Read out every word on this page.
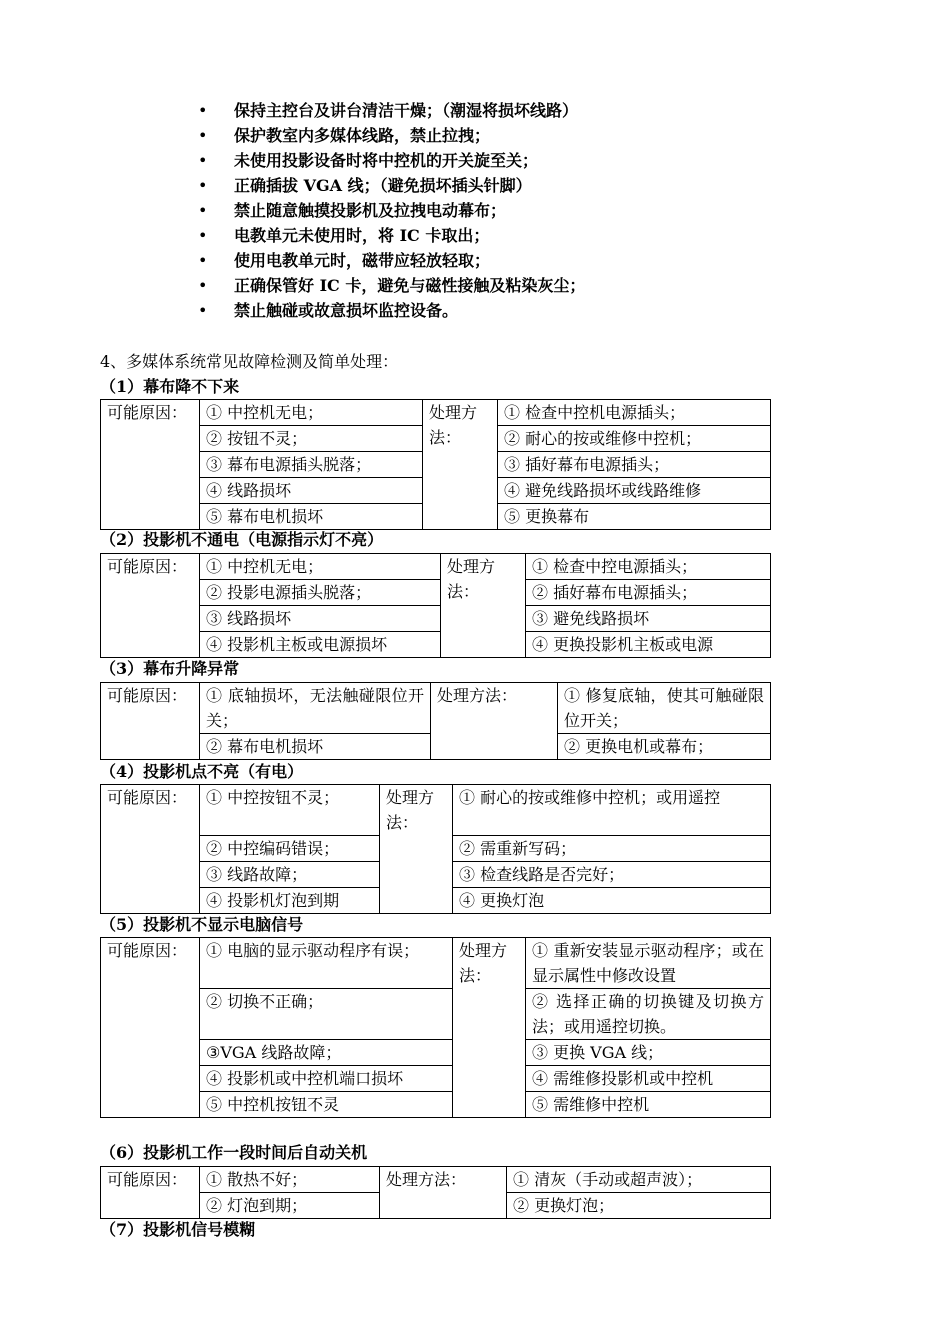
• 保持主控台及讲台清洁干燥；（潮湿将损坏线路）
• 保护教室内多媒体线路，禁止拉拽；
• 未使用投影设备时将中控机的开关旋至关；
• 正确插拔 VGA 线；（避免损坏插头针脚）
• 禁止随意触摸投影机及拉拽电动幕布；
• 电教单元未使用时，将 IC 卡取出；
• 使用电教单元时，磁带应轻放轻取；
• 正确保管好 IC 卡，避免与磁性接触及粘染灰尘；
• 禁止触碰或故意损坏监控设备。
4、多媒体系统常见故障检测及简单处理：
（1）幕布降不下来
可能原因：	① 中控机无电；	处理方法：	① 检查中控机电源插头；
	② 按钮不灵；		② 耐心的按或维修中控机；
	③ 幕布电源插头脱落；		③ 插好幕布电源插头；
	④ 线路损坏		④ 避免线路损坏或线路维修
	⑤ 幕布电机损坏		⑤ 更换幕布
（2）投影机不通电（电源指示灯不亮）
可能原因：	① 中控机无电；	处理方法：	① 检查中控电源插头；
	② 投影电源插头脱落；		② 插好幕布电源插头；
	③ 线路损坏		③ 避免线路损坏
	④ 投影机主板或电源损坏		④ 更换投影机主板或电源
（3）幕布升降异常
可能原因：	① 底轴损坏，无法触碰限位开关；	处理方法：	① 修复底轴，使其可触碰限位开关；
	② 幕布电机损坏		② 更换电机或幕布；
（4）投影机点不亮（有电）
可能原因：	① 中控按钮不灵；	处理方法：	① 耐心的按或维修中控机；或用遥控
	② 中控编码错误；		② 需重新写码；
	③ 线路故障；		③ 检查线路是否完好；
	④ 投影机灯泡到期		④ 更换灯泡
（5）投影机不显示电脑信号
可能原因：	① 电脑的显示驱动程序有误；	处理方法：	① 重新安装显示驱动程序；或在显示属性中修改设置
	② 切换不正确；		② 选择正确的切换键及切换方法；或用遥控切换。
	③VGA 线路故障；		③ 更换 VGA 线；
	④ 投影机或中控机端口损坏		④ 需维修投影机或中控机
	⑤ 中控机按钮不灵		⑤ 需维修中控机
（6）投影机工作一段时间后自动关机
可能原因：	① 散热不好；	处理方法：	① 清灰（手动或超声波）；
	② 灯泡到期；		② 更换灯泡；
（7）投影机信号模糊
